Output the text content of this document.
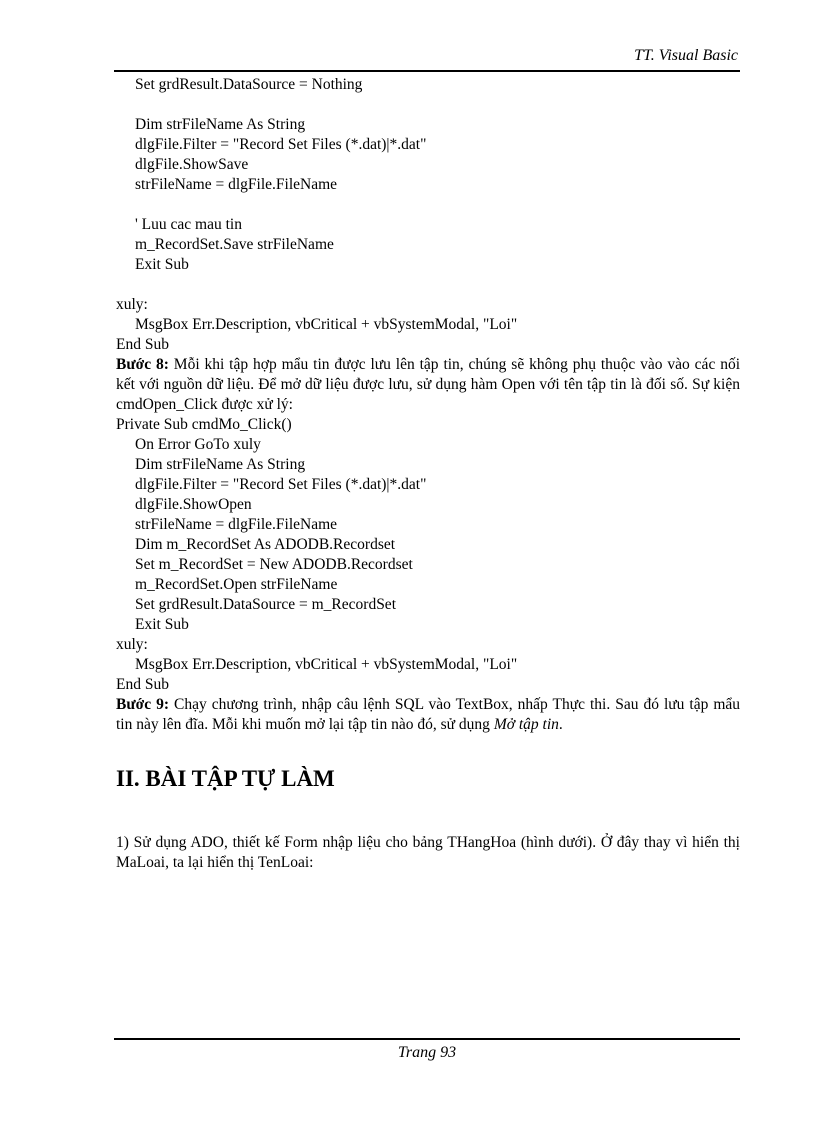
TT. Visual Basic
Set grdResult.DataSource = Nothing
Dim strFileName As String
dlgFile.Filter = "Record Set Files (*.dat)|*.dat"
dlgFile.ShowSave
strFileName = dlgFile.FileName
' Luu cac mau tin
m_RecordSet.Save strFileName
Exit Sub
xuly:
MsgBox Err.Description, vbCritical + vbSystemModal, "Loi"
End Sub

Bước 8: Mỗi khi tập hợp mẩu tin được lưu lên tập tin, chúng sẽ không phụ thuộc vào vào các nối kết với nguồn dữ liệu. Để mở dữ liệu được lưu, sử dụng hàm Open với tên tập tin là đối số. Sự kiện cmdOpen_Click được xử lý:

Private Sub cmdMo_Click()
On Error GoTo xuly
Dim strFileName As String
dlgFile.Filter = "Record Set Files (*.dat)|*.dat"
dlgFile.ShowOpen
strFileName = dlgFile.FileName
Dim m_RecordSet As ADODB.Recordset
Set m_RecordSet = New ADODB.Recordset
m_RecordSet.Open strFileName
Set grdResult.DataSource = m_RecordSet
Exit Sub
xuly:
MsgBox Err.Description, vbCritical + vbSystemModal, "Loi"
End Sub

Bước 9: Chạy chương trình, nhập câu lệnh SQL vào TextBox, nhấp Thực thi. Sau đó lưu tập mẩu tin này lên đĩa. Mỗi khi muốn mở lại tập tin nào đó, sử dụng Mở tập tin.

II. BÀI TẬP TỰ LÀM

1) Sử dụng ADO, thiết kế Form nhập liệu cho bảng THangHoa (hình dưới). Ở đây thay vì hiển thị MaLoai, ta lại hiển thị TenLoai:

Trang 93
